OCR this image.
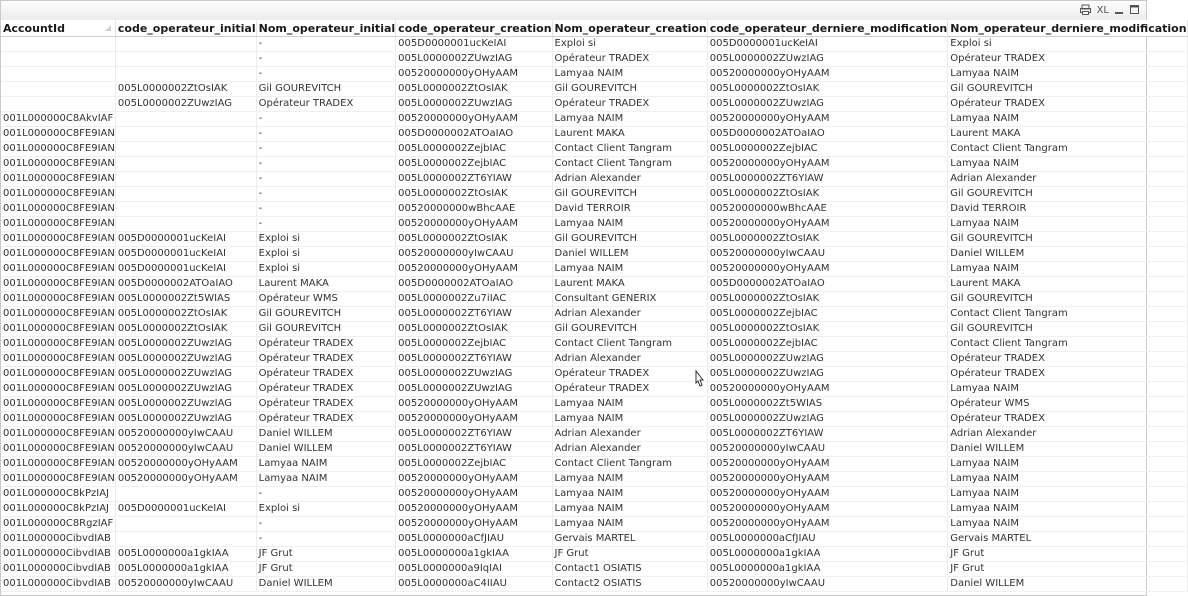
XL
AccountId	code_operateur_initial	Nom_operateur_initial	code_operateur_creation	Nom_operateur_creation	code_operateur_derniere_modification	Nom_operateur_derniere_modification
		-	005D0000001ucKeIAI	Exploi si	005D0000001ucKeIAI	Exploi si
		-	005L0000002ZUwzIAG	Opérateur TRADEX	005L0000002ZUwzIAG	Opérateur TRADEX
		-	00520000000yOHyAAM	Lamyaa NAIM	00520000000yOHyAAM	Lamyaa NAIM
	005L0000002ZtOsIAK	Gil GOUREVITCH	005L0000002ZtOsIAK	Gil GOUREVITCH	005L0000002ZtOsIAK	Gil GOUREVITCH
	005L0000002ZUwzIAG	Opérateur TRADEX	005L0000002ZUwzIAG	Opérateur TRADEX	005L0000002ZUwzIAG	Opérateur TRADEX
001L000000C8AkvIAF		-	00520000000yOHyAAM	Lamyaa NAIM	00520000000yOHyAAM	Lamyaa NAIM
001L000000C8FE9IAN		-	005D0000002ATOaIAO	Laurent MAKA	005D0000002ATOaIAO	Laurent MAKA
001L000000C8FE9IAN		-	005L0000002ZejbIAC	Contact Client Tangram	005L0000002ZejbIAC	Contact Client Tangram
001L000000C8FE9IAN		-	005L0000002ZejbIAC	Contact Client Tangram	00520000000yOHyAAM	Lamyaa NAIM
001L000000C8FE9IAN		-	005L0000002ZT6YIAW	Adrian Alexander	005L0000002ZT6YIAW	Adrian Alexander
001L000000C8FE9IAN		-	005L0000002ZtOsIAK	Gil GOUREVITCH	005L0000002ZtOsIAK	Gil GOUREVITCH
001L000000C8FE9IAN		-	00520000000wBhcAAE	David TERROIR	00520000000wBhcAAE	David TERROIR
001L000000C8FE9IAN		-	00520000000yOHyAAM	Lamyaa NAIM	00520000000yOHyAAM	Lamyaa NAIM
001L000000C8FE9IAN	005D0000001ucKeIAI	Exploi si	005L0000002ZtOsIAK	Gil GOUREVITCH	005L0000002ZtOsIAK	Gil GOUREVITCH
001L000000C8FE9IAN	005D0000001ucKeIAI	Exploi si	00520000000yIwCAAU	Daniel WILLEM	00520000000yIwCAAU	Daniel WILLEM
001L000000C8FE9IAN	005D0000001ucKeIAI	Exploi si	00520000000yOHyAAM	Lamyaa NAIM	00520000000yOHyAAM	Lamyaa NAIM
001L000000C8FE9IAN	005D0000002ATOaIAO	Laurent MAKA	005D0000002ATOaIAO	Laurent MAKA	005D0000002ATOaIAO	Laurent MAKA
001L000000C8FE9IAN	005L0000002Zt5WIAS	Opérateur WMS	005L0000002Zu7iIAC	Consultant GENERIX	005L0000002ZtOsIAK	Gil GOUREVITCH
001L000000C8FE9IAN	005L0000002ZtOsIAK	Gil GOUREVITCH	005L0000002ZT6YIAW	Adrian Alexander	005L0000002ZejbIAC	Contact Client Tangram
001L000000C8FE9IAN	005L0000002ZtOsIAK	Gil GOUREVITCH	005L0000002ZtOsIAK	Gil GOUREVITCH	005L0000002ZtOsIAK	Gil GOUREVITCH
001L000000C8FE9IAN	005L0000002ZUwzIAG	Opérateur TRADEX	005L0000002ZejbIAC	Contact Client Tangram	005L0000002ZejbIAC	Contact Client Tangram
001L000000C8FE9IAN	005L0000002ZUwzIAG	Opérateur TRADEX	005L0000002ZT6YIAW	Adrian Alexander	005L0000002ZUwzIAG	Opérateur TRADEX
001L000000C8FE9IAN	005L0000002ZUwzIAG	Opérateur TRADEX	005L0000002ZUwzIAG	Opérateur TRADEX	005L0000002ZUwzIAG	Opérateur TRADEX
001L000000C8FE9IAN	005L0000002ZUwzIAG	Opérateur TRADEX	005L0000002ZUwzIAG	Opérateur TRADEX	00520000000yOHyAAM	Lamyaa NAIM
001L000000C8FE9IAN	005L0000002ZUwzIAG	Opérateur TRADEX	00520000000yOHyAAM	Lamyaa NAIM	005L0000002Zt5WIAS	Opérateur WMS
001L000000C8FE9IAN	005L0000002ZUwzIAG	Opérateur TRADEX	00520000000yOHyAAM	Lamyaa NAIM	005L0000002ZUwzIAG	Opérateur TRADEX
001L000000C8FE9IAN	00520000000yIwCAAU	Daniel WILLEM	005L0000002ZT6YIAW	Adrian Alexander	005L0000002ZT6YIAW	Adrian Alexander
001L000000C8FE9IAN	00520000000yIwCAAU	Daniel WILLEM	005L0000002ZT6YIAW	Adrian Alexander	00520000000yIwCAAU	Daniel WILLEM
001L000000C8FE9IAN	00520000000yOHyAAM	Lamyaa NAIM	005L0000002ZejbIAC	Contact Client Tangram	00520000000yOHyAAM	Lamyaa NAIM
001L000000C8FE9IAN	00520000000yOHyAAM	Lamyaa NAIM	00520000000yOHyAAM	Lamyaa NAIM	00520000000yOHyAAM	Lamyaa NAIM
001L000000C8kPzIAJ		-	00520000000yOHyAAM	Lamyaa NAIM	00520000000yOHyAAM	Lamyaa NAIM
001L000000C8kPzIAJ	005D0000001ucKeIAI	Exploi si	00520000000yOHyAAM	Lamyaa NAIM	00520000000yOHyAAM	Lamyaa NAIM
001L000000C8RgzIAF		-	00520000000yOHyAAM	Lamyaa NAIM	00520000000yOHyAAM	Lamyaa NAIM
001L000000CibvdIAB		-	005L0000000aCfJIAU	Gervais MARTEL	005L0000000aCfJIAU	Gervais MARTEL
001L000000CibvdIAB	005L0000000a1gkIAA	JF Grut	005L0000000a1gkIAA	JF Grut	005L0000000a1gkIAA	JF Grut
001L000000CibvdIAB	005L0000000a1gkIAA	JF Grut	005L0000000a9IqIAI	Contact1 OSIATIS	005L0000000a1gkIAA	JF Grut
001L000000CibvdIAB	00520000000yIwCAAU	Daniel WILLEM	005L0000000aC4IIAU	Contact2 OSIATIS	00520000000yIwCAAU	Daniel WILLEM
